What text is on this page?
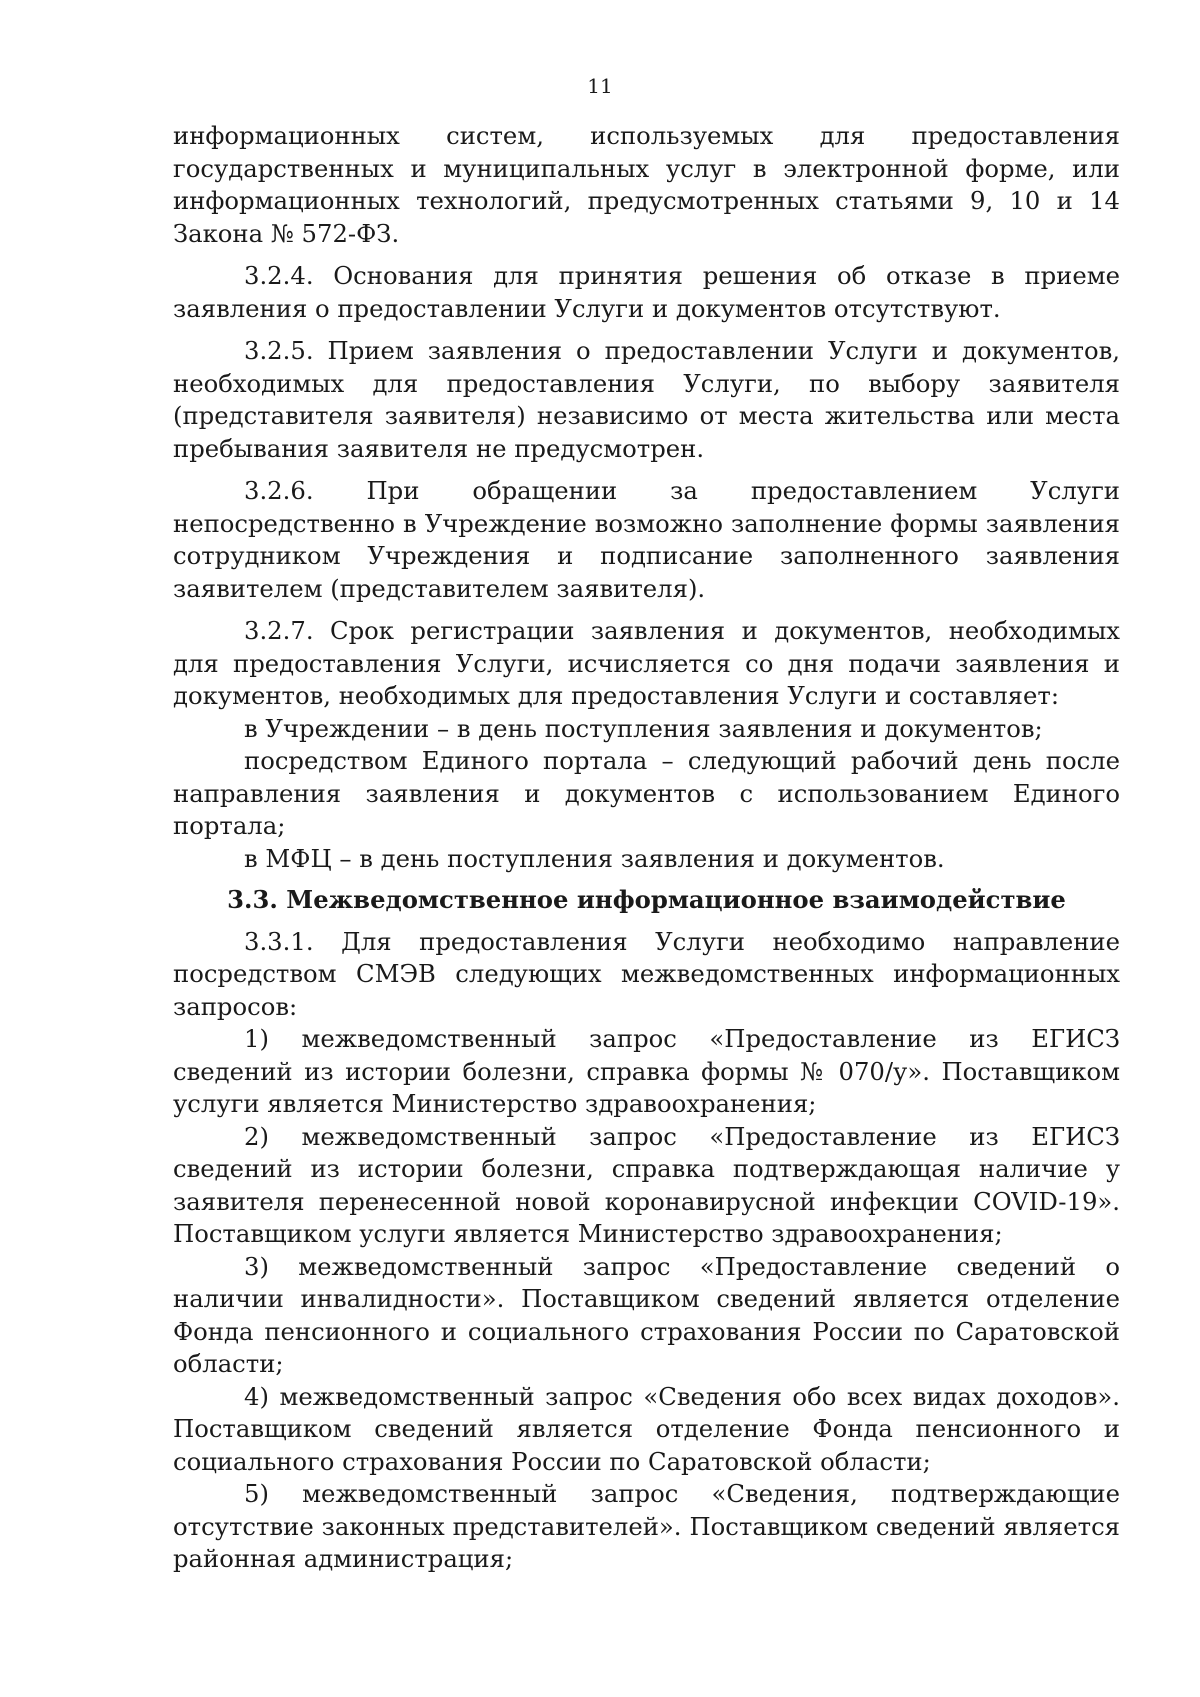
11

информационных систем, используемых для предоставления государственных и муниципальных услуг в электронной форме, или информационных технологий, предусмотренных статьями 9, 10 и 14 Закона № 572-ФЗ.

3.2.4. Основания для принятия решения об отказе в приеме заявления о предоставлении Услуги и документов отсутствуют.

3.2.5. Прием заявления о предоставлении Услуги и документов, необходимых для предоставления Услуги, по выбору заявителя (представителя заявителя) независимо от места жительства или места пребывания заявителя не предусмотрен.

3.2.6. При обращении за предоставлением Услуги непосредственно в Учреждение возможно заполнение формы заявления сотрудником Учреждения и подписание заполненного заявления заявителем (представителем заявителя).

3.2.7. Срок регистрации заявления и документов, необходимых для предоставления Услуги, исчисляется со дня подачи заявления и документов, необходимых для предоставления Услуги и составляет:

в Учреждении – в день поступления заявления и документов;

посредством Единого портала – следующий рабочий день после направления заявления и документов с использованием Единого портала;

в МФЦ – в день поступления заявления и документов.

3.3. Межведомственное информационное взаимодействие

3.3.1. Для предоставления Услуги необходимо направление посредством СМЭВ следующих межведомственных информационных запросов:

1) межведомственный запрос «Предоставление из ЕГИСЗ сведений из истории болезни, справка формы № 070/у». Поставщиком услуги является Министерство здравоохранения;

2) межведомственный запрос «Предоставление из ЕГИСЗ сведений из истории болезни, справка подтверждающая наличие у заявителя перенесенной новой коронавирусной инфекции COVID-19». Поставщиком услуги является Министерство здравоохранения;

3) межведомственный запрос «Предоставление сведений о наличии инвалидности». Поставщиком сведений является отделение Фонда пенсионного и социального страхования России по Саратовской области;

4) межведомственный запрос «Сведения обо всех видах доходов». Поставщиком сведений является отделение Фонда пенсионного и социального страхования России по Саратовской области;

5) межведомственный запрос «Сведения, подтверждающие отсутствие законных представителей». Поставщиком сведений является районная администрация;
